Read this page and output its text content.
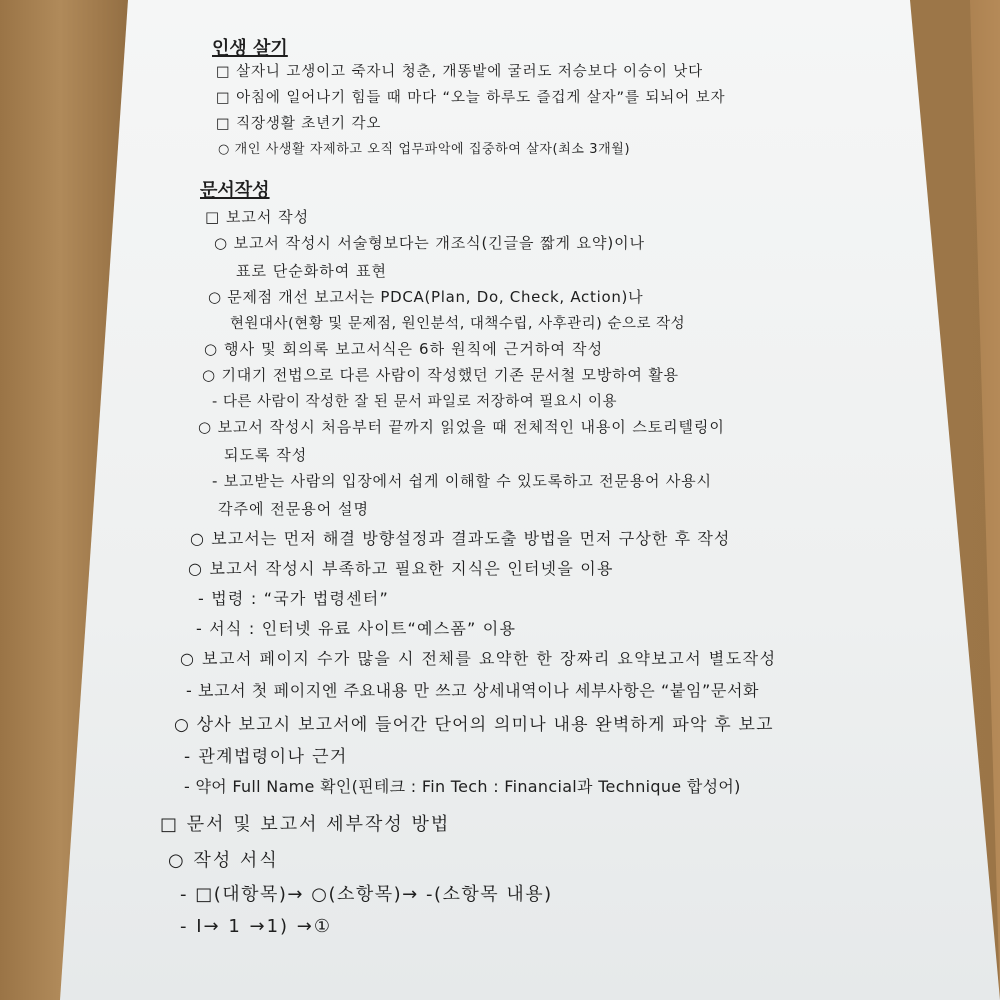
인생 살기
□ 살자니 고생이고 죽자니 청춘, 개똥밭에 굴러도 저승보다 이승이 낫다
□ 아침에 일어나기 힘들 때 마다 “오늘 하루도 즐겁게 살자”를 되뇌어 보자
□ 직장생활 초년기 각오
○ 개인 사생활 자제하고 오직 업무파악에 집중하여 살자(최소 3개월)
문서작성
□ 보고서 작성
○ 보고서 작성시 서술형보다는 개조식(긴글을 짧게 요약)이나
표로 단순화하여 표현
○ 문제점 개선 보고서는 PDCA(Plan, Do, Check, Action)나
현원대사(현황 및 문제점, 원인분석, 대책수립, 사후관리) 순으로 작성
○ 행사 및 회의록 보고서식은 6하 원칙에 근거하여 작성
○ 기대기 전법으로 다른 사람이 작성했던 기존 문서철 모방하여 활용
- 다른 사람이 작성한 잘 된 문서 파일로 저장하여 필요시 이용
○ 보고서 작성시 처음부터 끝까지 읽었을 때 전체적인 내용이 스토리텔링이
되도록 작성
- 보고받는 사람의 입장에서 쉽게 이해할 수 있도록하고 전문용어 사용시
각주에 전문용어 설명
○ 보고서는 먼저 해결 방향설정과 결과도출 방법을 먼저 구상한 후 작성
○ 보고서 작성시 부족하고 필요한 지식은 인터넷을 이용
- 법령 : “국가 법령센터”
- 서식 : 인터넷 유료 사이트“예스폼” 이용
○ 보고서 페이지 수가 많을 시 전체를 요약한 한 장짜리 요약보고서 별도작성
- 보고서 첫 페이지엔 주요내용 만 쓰고 상세내역이나 세부사항은 “붙임”문서화
○ 상사 보고시 보고서에 들어간 단어의 의미나 내용 완벽하게 파악 후 보고
- 관계법령이나 근거
- 약어 Full Name 확인(핀테크 : Fin Tech : Financial과 Technique 합성어)
□ 문서 및 보고서 세부작성 방법
○ 작성 서식
- □(대항목)→ ○(소항목)→ -(소항목 내용)
- Ⅰ→ 1 →1) →①
